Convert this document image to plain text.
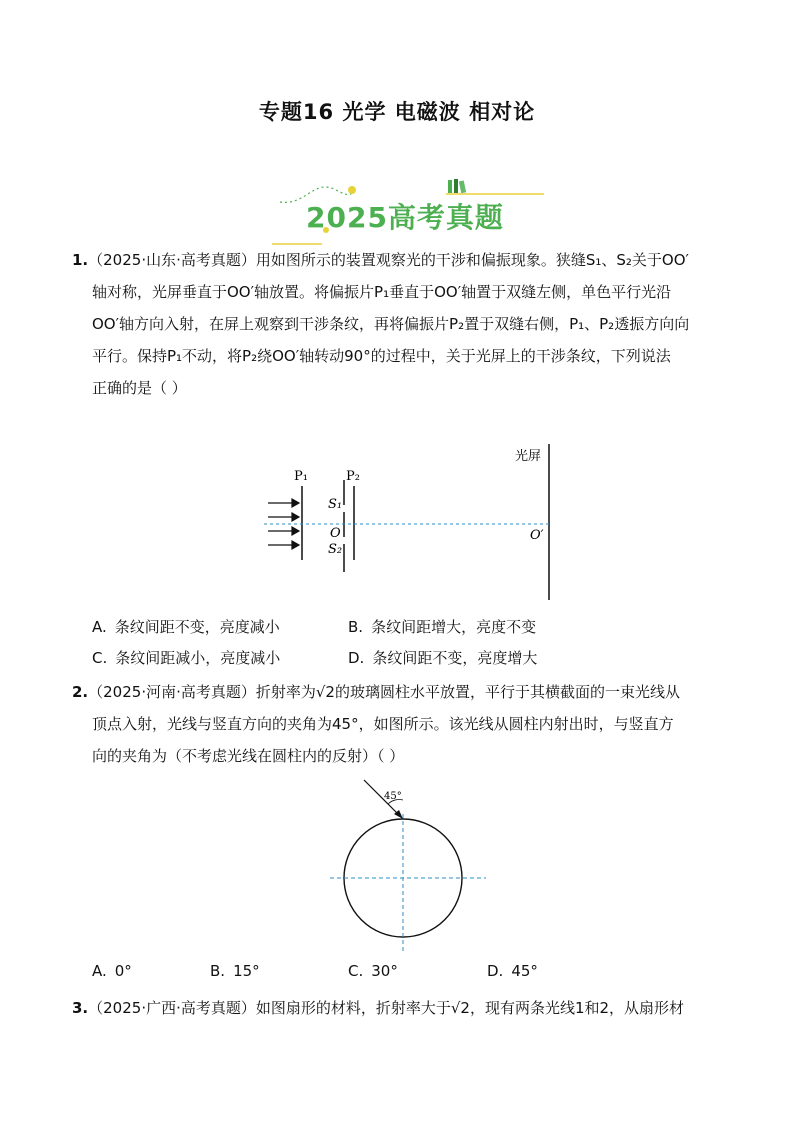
专题16 光学 电磁波 相对论
2025高考真题
1.（2025·山东·高考真题）用如图所示的装置观察光的干涉和偏振现象。狭缝S₁、S₂关于OO′
轴对称，光屏垂直于OO′轴放置。将偏振片P₁垂直于OO′轴置于双缝左侧，单色平行光沿
OO′轴方向入射，在屏上观察到干涉条纹，再将偏振片P₂置于双缝右侧，P₁、P₂透振方向向
平行。保持P₁不动，将P₂绕OO′轴转动90°的过程中，关于光屏上的干涉条纹，下列说法
正确的是（ ）
光屏
P₁	P₂
S₁
O
S₂
O′
A. 条纹间距不变，亮度减小	B. 条纹间距增大，亮度不变
C. 条纹间距减小，亮度减小	D. 条纹间距不变，亮度增大
2.（2025·河南·高考真题）折射率为√2的玻璃圆柱水平放置，平行于其横截面的一束光线从
顶点入射，光线与竖直方向的夹角为45°，如图所示。该光线从圆柱内射出时，与竖直方
向的夹角为（不考虑光线在圆柱内的反射）（ ）
45°
A. 0°	B. 15°	C. 30°	D. 45°
3.（2025·广西·高考真题）如图扇形的材料，折射率大于√2，现有两条光线1和2，从扇形材
